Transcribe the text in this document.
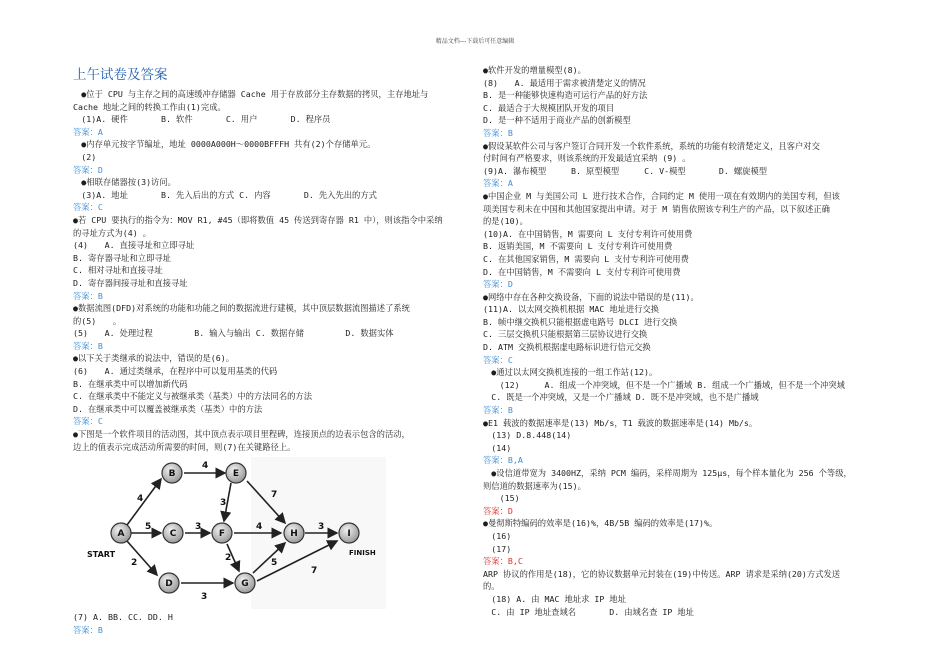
精品文档---下载后可任意编辑
上午试卷及答案

　●位于 CPU 与主存之间的高速缓冲存储器 Cache 用于存放部分主存数据的拷贝，主存地址与

Cache 地址之间的转换工作由(1)完成。

　(1)A. 硬件　　　　B. 软件　　　　C. 用户　　　　D. 程序员

答案：A

　●内存单元按字节编址，地址 0000A000H～0000BFFFH 共有(2)个存储单元。

　(2)

答案：D

　●相联存储器按(3)访问。

　(3)A. 地址　　　　B. 先入后出的方式 C. 内容　　　　D. 先入先出的方式

答案：C

●若 CPU 要执行的指令为：MOV R1, #45（即将数值 45 传送到寄存器 R1 中），则该指令中采纳

的寻址方式为(4) 。

(4)　　A. 直接寻址和立即寻址

B. 寄存器寻址和立即寻址

C. 相对寻址和直接寻址

D. 寄存器间接寻址和直接寻址

答案：B

●数据流图(DFD)对系统的功能和功能之间的数据流进行建模，其中顶层数据流图描述了系统

的(5)　　。

(5)　　A. 处理过程　　　　　B. 输入与输出 C. 数据存储　　　　　D. 数据实体

答案：B

●以下关于类继承的说法中，错误的是(6)。

(6)　　A. 通过类继承，在程序中可以复用基类的代码

B. 在继承类中可以增加新代码

C. 在继承类中不能定义与被继承类（基类）中的方法同名的方法

D. 在继承类中可以覆盖被继承类（基类）中的方法

答案：C

●下图是一个软件项目的活动图，其中顶点表示项目里程碑，连接顶点的边表示包含的活动，

边上的值表示完成活动所需要的时间，则(7)在关键路径上。

4
5
2
4
3
3
3
7
4
2	5
3
7
A
B
C
D
E
F
G
H	I
START	FINISH

(7) A. BB. CC. DD. H

答案：B

●软件开发的增量模型(8)。

(8)　　A. 最适用于需求被清楚定义的情况

B. 是一种能够快速构造可运行产品的好方法

C. 最适合于大规模团队开发的项目

D. 是一种不适用于商业产品的创新模型

答案：B

●假设某软件公司与客户签订合同开发一个软件系统，系统的功能有较清楚定义，且客户对交

付时间有严格要求，则该系统的开发最适宜采纳 (9) 。

(9)A. 瀑布模型　　　B. 原型模型　　　C. V-模型　　　　D. 螺旋模型

答案：A

●中国企业 M 与美国公司 L 进行技术合作，合同约定 M 使用一项在有效期内的美国专利，但该

项美国专利未在中国和其他国家提出申请。对于 M 销售依照该专利生产的产品，以下叙述正确

的是(10)。

(10)A. 在中国销售，M 需要向 L 支付专利许可使用费

B. 返销美国，M 不需要向 L 支付专利许可使用费

C. 在其他国家销售，M 需要向 L 支付专利许可使用费

D. 在中国销售，M 不需要向 L 支付专利许可使用费

答案：D

●网络中存在各种交换设备，下面的说法中错误的是(11)。

(11)A. 以太网交换机根据 MAC 地址进行交换

B. 帧中继交换机只能根据虚电路号 DLCI 进行交换

C. 三层交换机只能根据第三层协议进行交换

D. ATM 交换机根据虚电路标识进行信元交换

答案：C

　●通过以太网交换机连接的一组工作站(12)。

　　(12)　　　A. 组成一个冲突域，但不是一个广播域 B. 组成一个广播域，但不是一个冲突域

　C. 既是一个冲突域，又是一个广播域 D. 既不是冲突域，也不是广播域

答案：B

●E1 载波的数据速率是(13) Mb/s，T1 载波的数据速率是(14) Mb/s。

　(13) D.8.448(14)

　(14)

答案：B,A

　●设信道带宽为 3400HZ，采纳 PCM 编码，采样周期为 125μs，每个样本量化为 256 个等级，

则信道的数据速率为(15)。

　　(15)

答案：D

●曼彻斯特编码的效率是(16)%，4B/5B 编码的效率是(17)%。

　(16)

　(17)

答案：B,C

ARP 协议的作用是(18)，它的协议数据单元封装在(19)中传送。ARP 请求是采纳(20)方式发送

的。

　(18) A. 由 MAC 地址求 IP 地址

　C. 由 IP 地址查域名　　　　D. 由域名查 IP 地址
